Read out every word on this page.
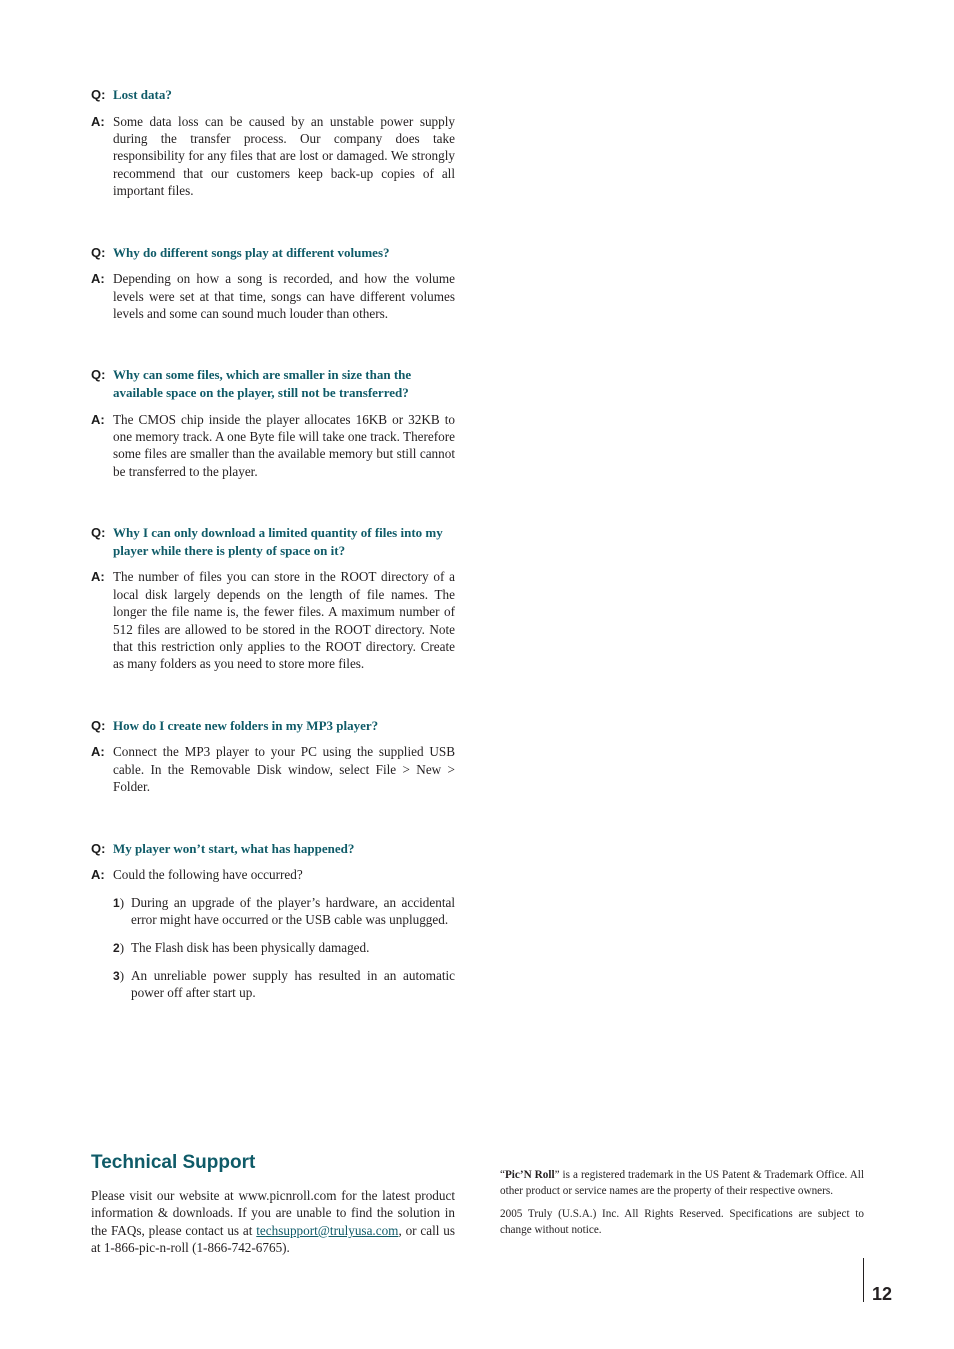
Q: Lost data?
A: Some data loss can be caused by an unstable power supply during the transfer process. Our company does take responsibility for any files that are lost or damaged. We strongly recommend that our customers keep back-up copies of all important files.
Q: Why do different songs play at different volumes?
A: Depending on how a song is recorded, and how the volume levels were set at that time, songs can have different volumes levels and some can sound much louder than others.
Q: Why can some files, which are smaller in size than the available space on the player, still not be transferred?
A: The CMOS chip inside the player allocates 16KB or 32KB to one memory track. A one Byte file will take one track. Therefore some files are smaller than the available memory but still cannot be transferred to the player.
Q: Why I can only download a limited quantity of files into my player while there is plenty of space on it?
A: The number of files you can store in the ROOT directory of a local disk largely depends on the length of file names. The longer the file name is, the fewer files. A maximum number of 512 files are allowed to be stored in the ROOT directory. Note that this restriction only applies to the ROOT directory. Create as many folders as you need to store more files.
Q: How do I create new folders in my MP3 player?
A: Connect the MP3 player to your PC using the supplied USB cable. In the Removable Disk window, select File > New > Folder.
Q: My player won’t start, what has happened?
A: Could the following have occurred?
1) During an upgrade of the player’s hardware, an accidental error might have occurred or the USB cable was unplugged.
2) The Flash disk has been physically damaged.
3) An unreliable power supply has resulted in an automatic power off after start up.
Technical Support
Please visit our website at www.picnroll.com for the latest product information & downloads. If you are unable to find the solution in the FAQs, please contact us at techsupport@trulyusa.com, or call us at 1-866-pic-n-roll (1-866-742-6765).

“Pic’N Roll” is a registered trademark in the US Patent & Trademark Office. All other product or service names are the property of their respective owners.

2005 Truly (U.S.A.) Inc. All Rights Reserved. Specifications are subject to change without notice.

12
